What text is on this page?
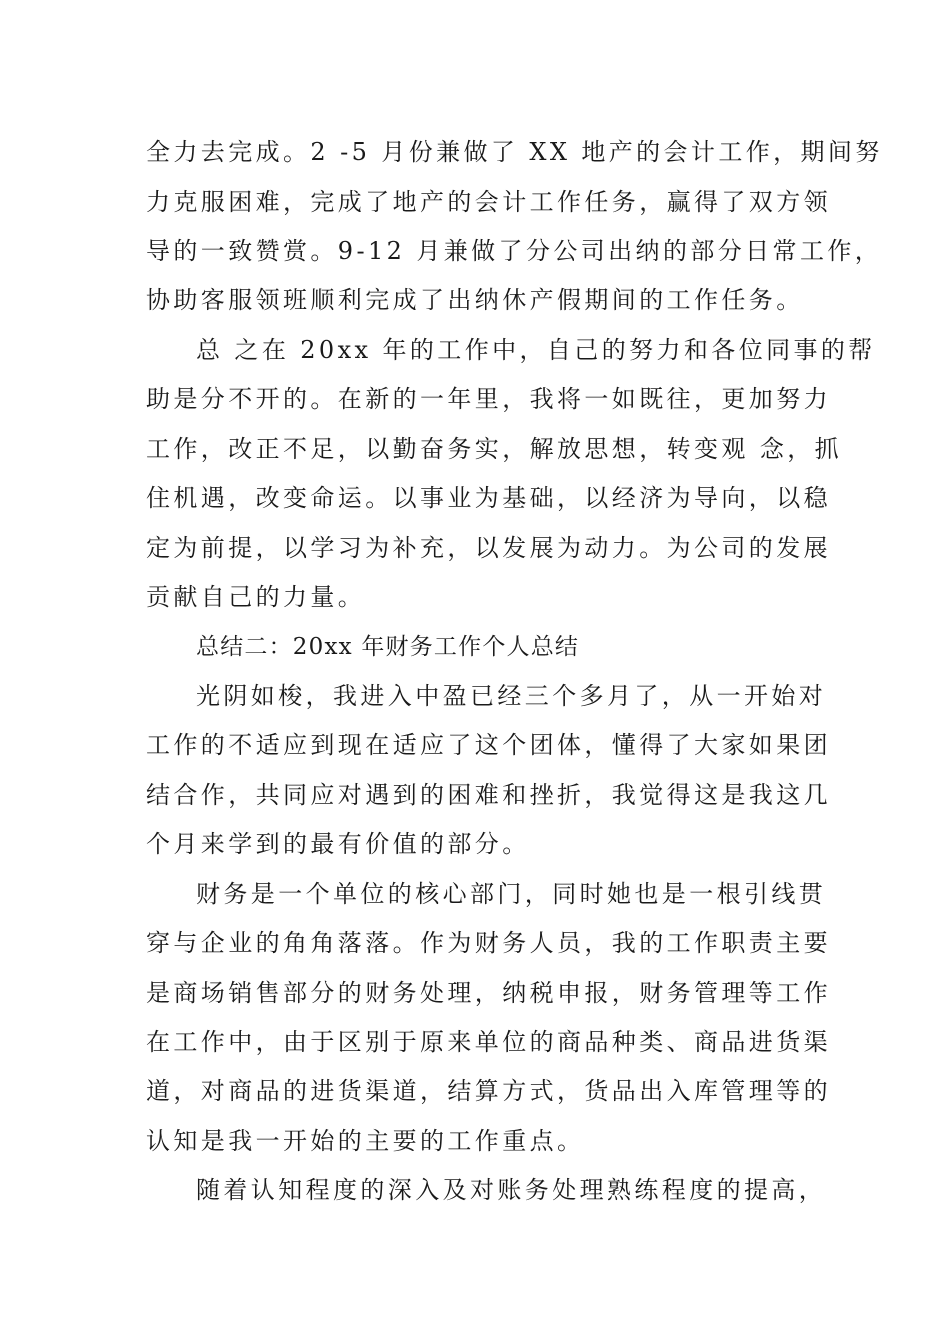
全力去完成。2 -5 月份兼做了 XX 地产的会计工作，期间努
力克服困难，完成了地产的会计工作任务，赢得了双方领
导的一致赞赏。9-12 月兼做了分公司出纳的部分日常工作，
协助客服领班顺利完成了出纳休产假期间的工作任务。
总 之在 20xx 年的工作中，自己的努力和各位同事的帮
助是分不开的。在新的一年里，我将一如既往，更加努力
工作，改正不足，以勤奋务实，解放思想，转变观 念，抓
住机遇，改变命运。以事业为基础，以经济为导向，以稳
定为前提，以学习为补充，以发展为动力。为公司的发展
贡献自己的力量。
总结二：20xx 年财务工作个人总结
光阴如梭，我进入中盈已经三个多月了，从一开始对
工作的不适应到现在适应了这个团体，懂得了大家如果团
结合作，共同应对遇到的困难和挫折，我觉得这是我这几
个月来学到的最有价值的部分。
财务是一个单位的核心部门，同时她也是一根引线贯
穿与企业的角角落落。作为财务人员，我的工作职责主要
是商场销售部分的财务处理，纳税申报，财务管理等工作
在工作中，由于区别于原来单位的商品种类、商品进货渠
道，对商品的进货渠道，结算方式，货品出入库管理等的
认知是我一开始的主要的工作重点。
随着认知程度的深入及对账务处理熟练程度的提高，
